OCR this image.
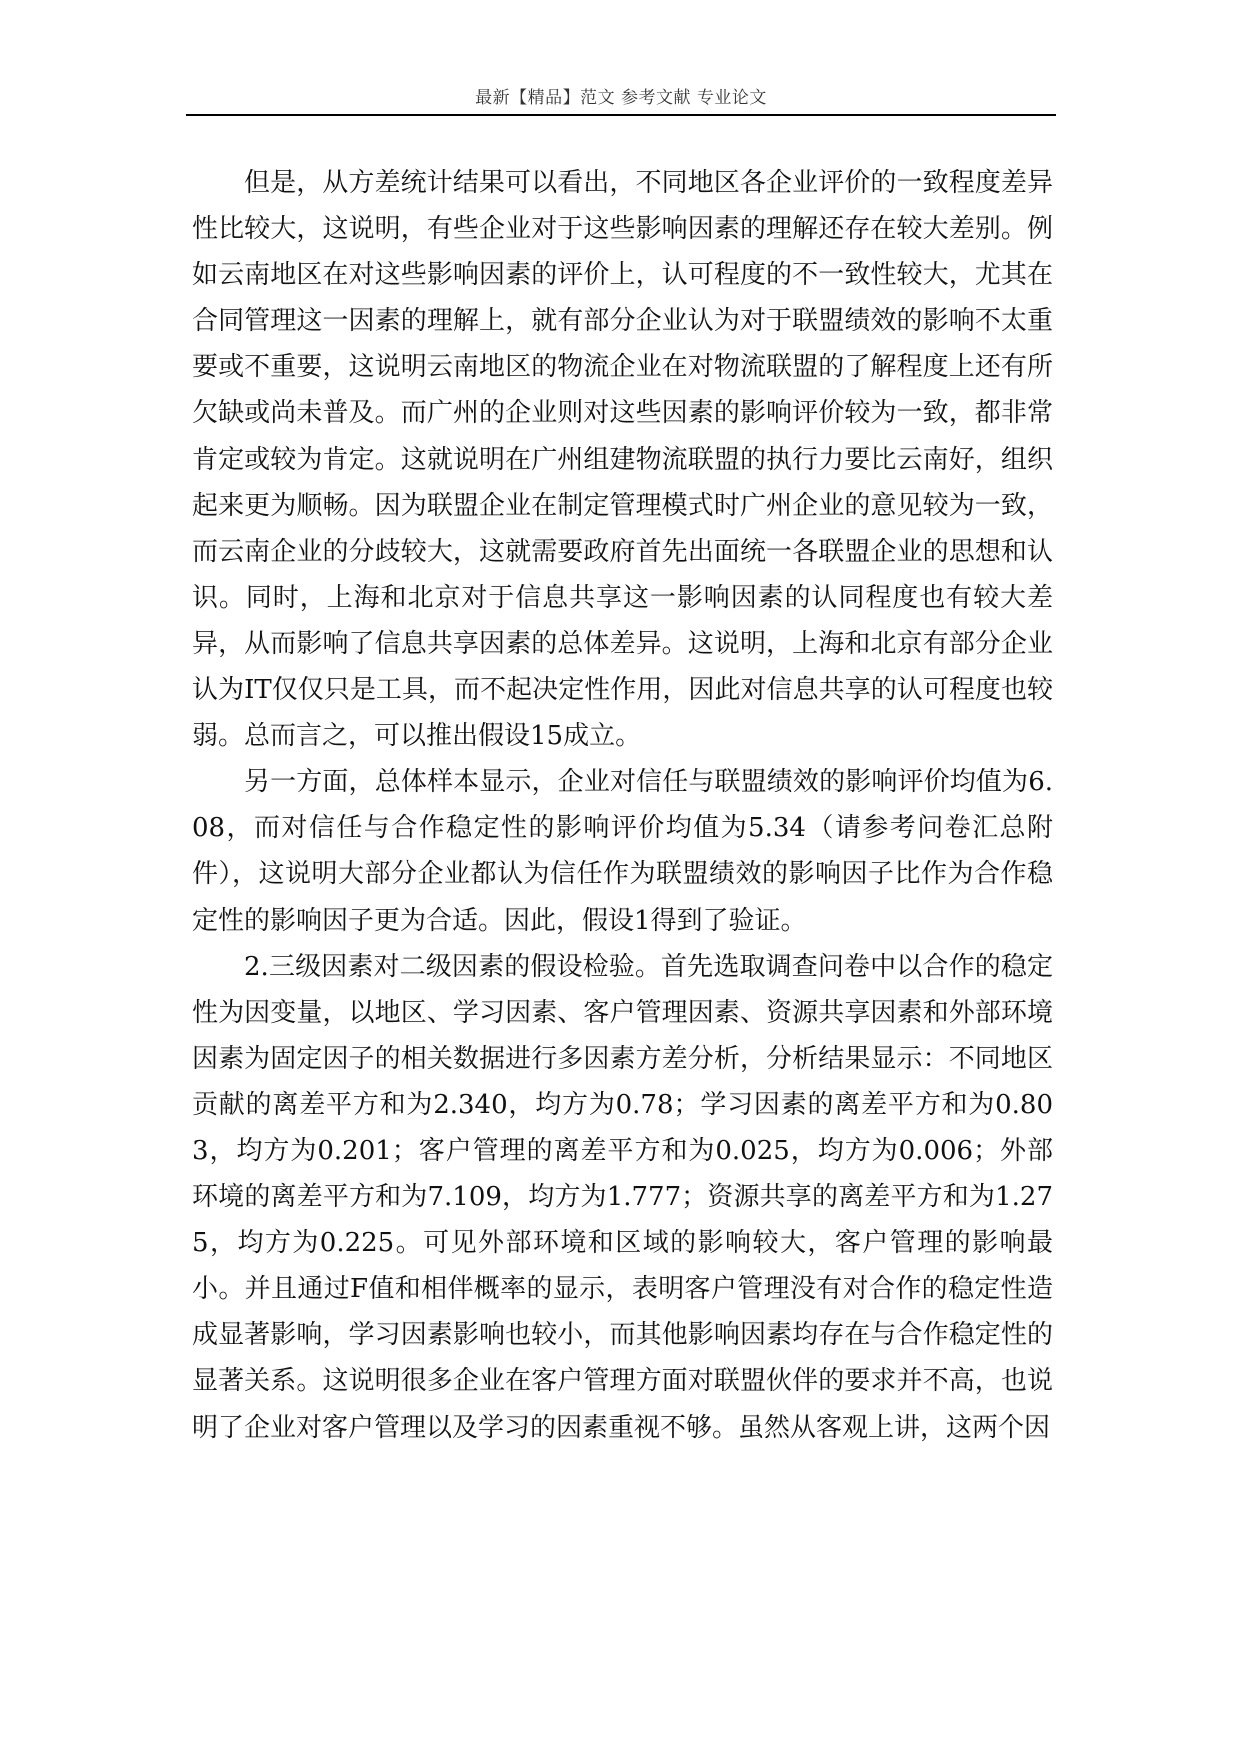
最新【精品】范文 参考文献 专业论文

但是，从方差统计结果可以看出，不同地区各企业评价的一致程度差异性比较大，这说明，有些企业对于这些影响因素的理解还存在较大差别。例如云南地区在对这些影响因素的评价上，认可程度的不一致性较大，尤其在合同管理这一因素的理解上，就有部分企业认为对于联盟绩效的影响不太重要或不重要，这说明云南地区的物流企业在对物流联盟的了解程度上还有所欠缺或尚未普及。而广州的企业则对这些因素的影响评价较为一致，都非常肯定或较为肯定。这就说明在广州组建物流联盟的执行力要比云南好，组织起来更为顺畅。因为联盟企业在制定管理模式时广州企业的意见较为一致，而云南企业的分歧较大，这就需要政府首先出面统一各联盟企业的思想和认识。同时，上海和北京对于信息共享这一影响因素的认同程度也有较大差异，从而影响了信息共享因素的总体差异。这说明，上海和北京有部分企业认为IT仅仅只是工具，而不起决定性作用，因此对信息共享的认可程度也较弱。总而言之，可以推出假设15成立。

另一方面，总体样本显示，企业对信任与联盟绩效的影响评价均值为6.08，而对信任与合作稳定性的影响评价均值为5.34（请参考问卷汇总附件），这说明大部分企业都认为信任作为联盟绩效的影响因子比作为合作稳定性的影响因子更为合适。因此，假设1得到了验证。

2.三级因素对二级因素的假设检验。首先选取调查问卷中以合作的稳定性为因变量，以地区、学习因素、客户管理因素、资源共享因素和外部环境因素为固定因子的相关数据进行多因素方差分析，分析结果显示：不同地区贡献的离差平方和为2.340，均方为0.78；学习因素的离差平方和为0.803，均方为0.201；客户管理的离差平方和为0.025，均方为0.006；外部环境的离差平方和为7.109，均方为1.777；资源共享的离差平方和为1.275，均方为0.225。可见外部环境和区域的影响较大，客户管理的影响最小。并且通过F值和相伴概率的显示，表明客户管理没有对合作的稳定性造成显著影响，学习因素影响也较小，而其他影响因素均存在与合作稳定性的显著关系。这说明很多企业在客户管理方面对联盟伙伴的要求并不高，也说明了企业对客户管理以及学习的因素重视不够。虽然从客观上讲，这两个因
